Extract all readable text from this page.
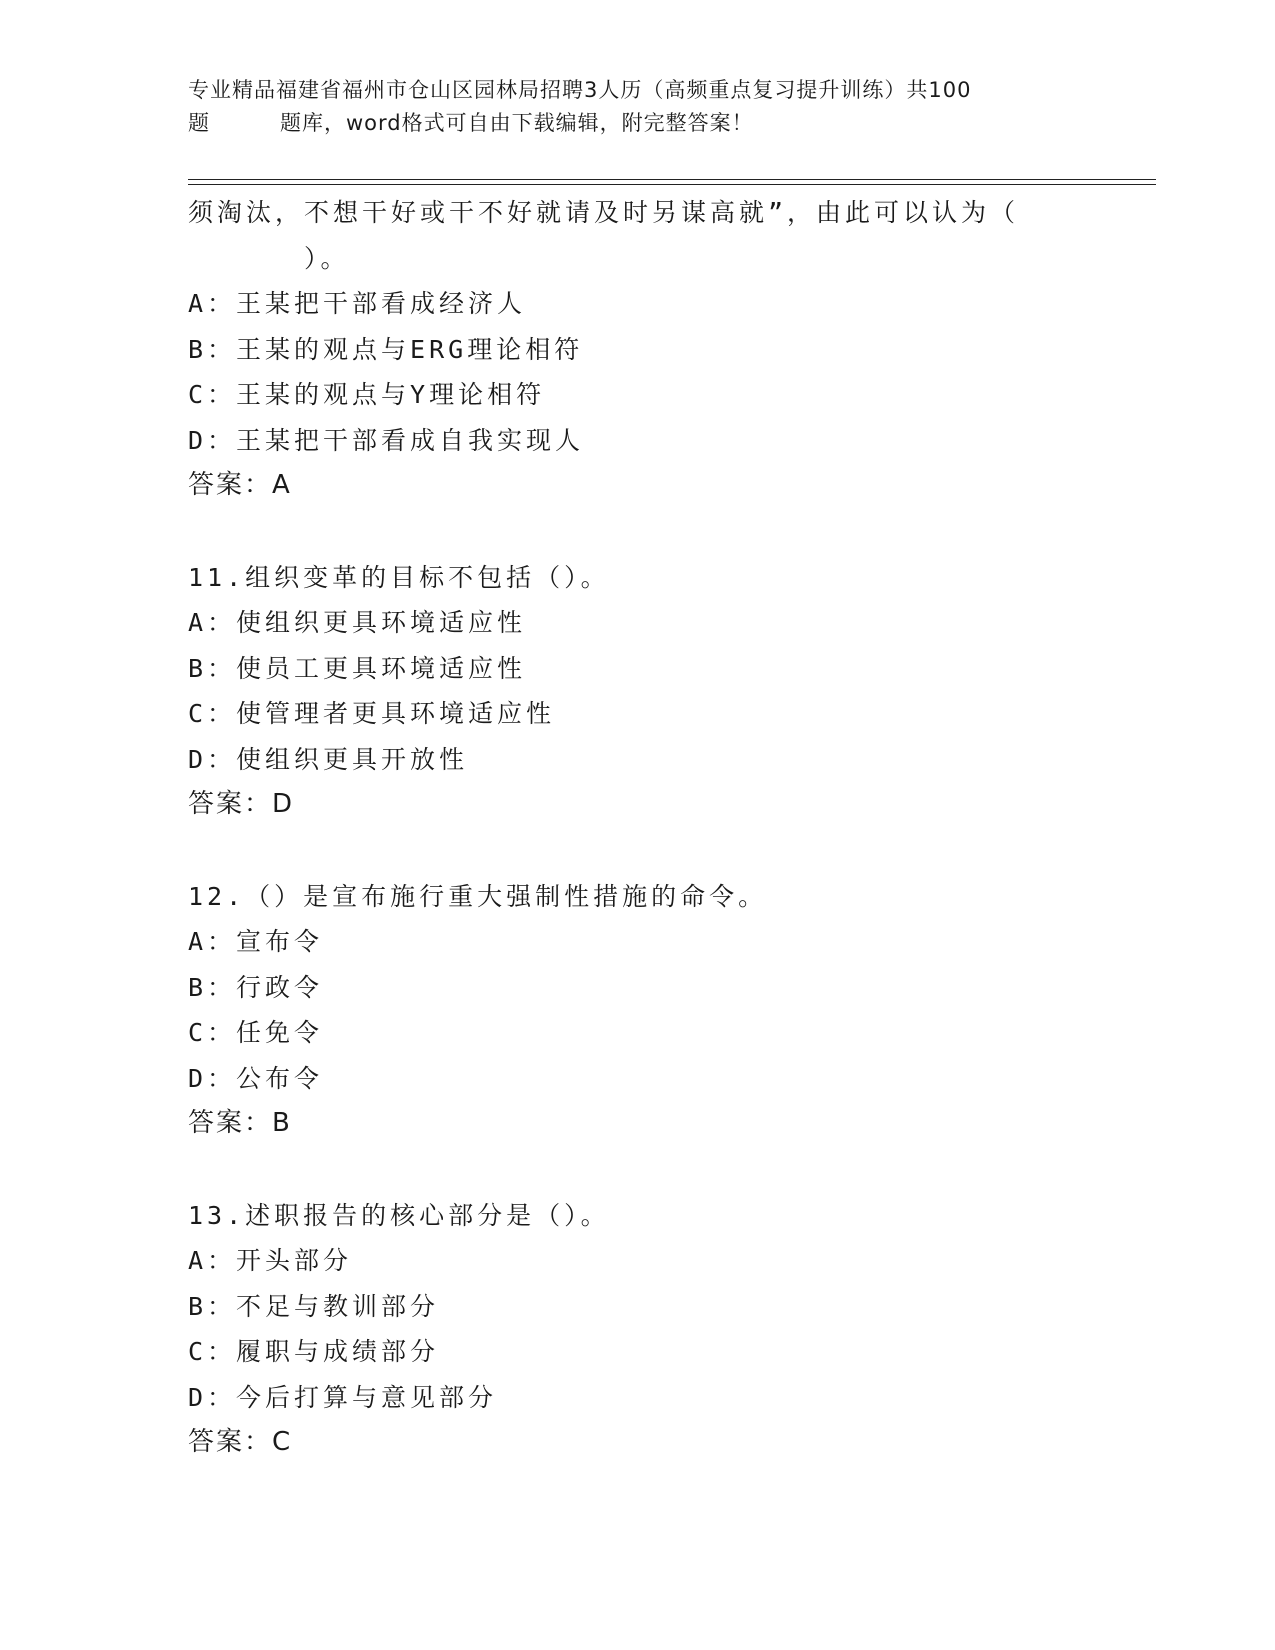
专业精品福建省福州市仓山区园林局招聘3人历（高频重点复习提升训练）共100
题	题库，word格式可自由下载编辑，附完整答案！
须淘汰，不想干好或干不好就请及时另谋高就”，由此可以认为（
）。
A：王某把干部看成经济人
B：王某的观点与ERG理论相符
C：王某的观点与Y理论相符
D：王某把干部看成自我实现人
答案：A
11.组织变革的目标不包括（）。
A：使组织更具环境适应性
B：使员工更具环境适应性
C：使管理者更具环境适应性
D：使组织更具开放性
答案：D
12.（）是宣布施行重大强制性措施的命令。
A：宣布令
B：行政令
C：任免令
D：公布令
答案：B
13.述职报告的核心部分是（）。
A：开头部分
B：不足与教训部分
C：履职与成绩部分
D：今后打算与意见部分
答案：C
